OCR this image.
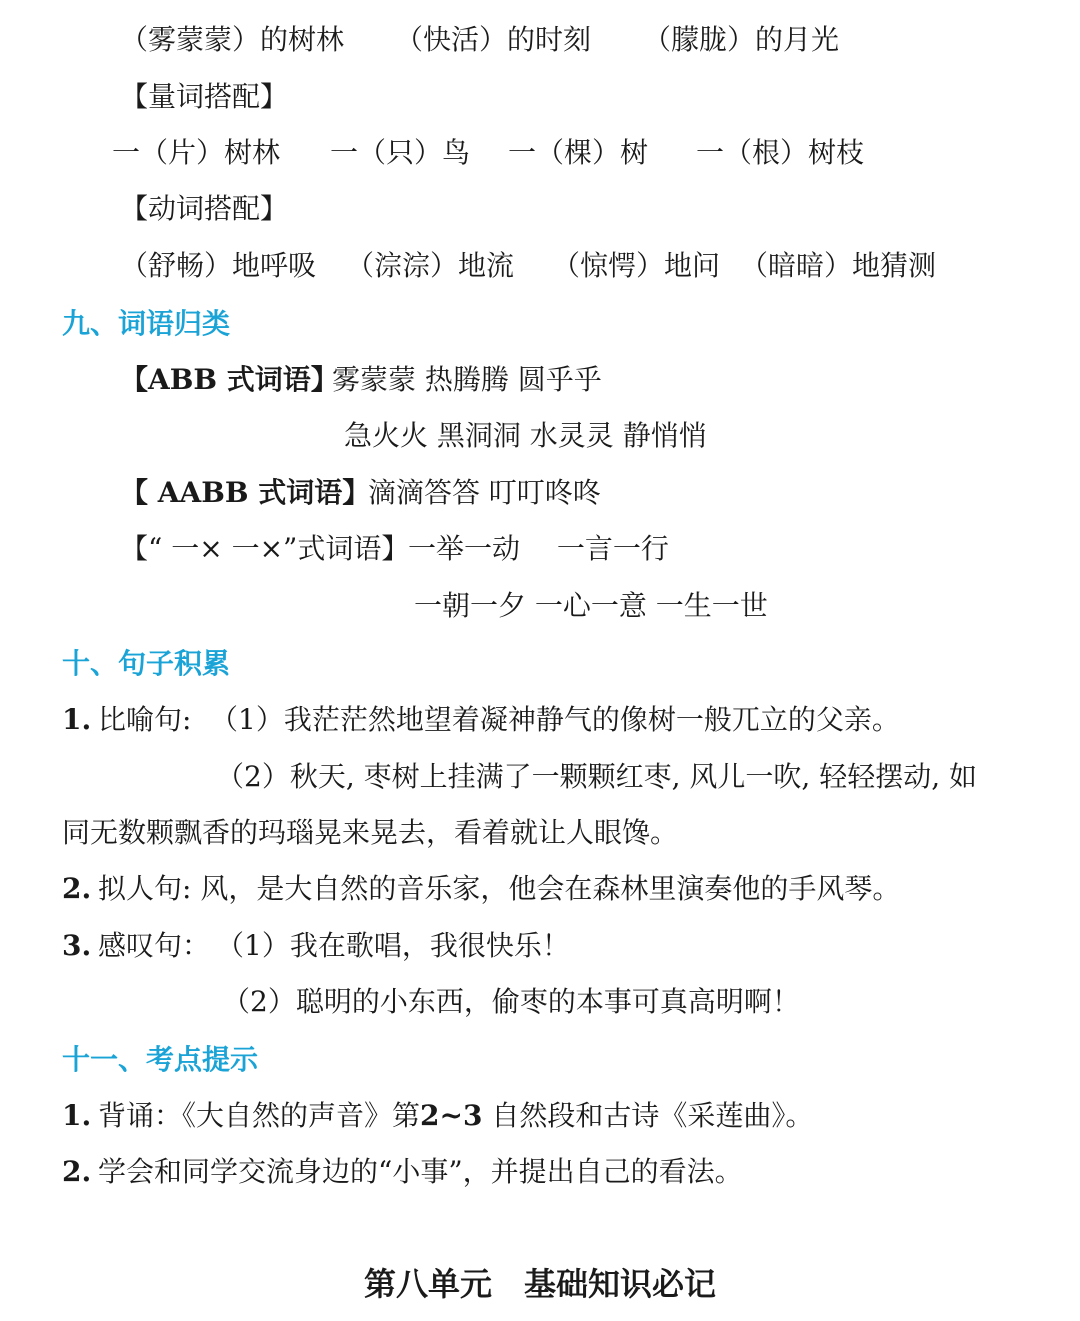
（雾蒙蒙）的树林 （快活）的时刻 （朦胧）的月光
【量词搭配】
一（片）树林 一（只）鸟 一（棵）树 一（根）树枝
【动词搭配】
（舒畅）地呼吸 （淙淙）地流 （惊愕）地问 （暗暗）地猜测
九、词语归类
【ABB 式词语】
雾蒙蒙 热腾腾 圆乎乎
急火火 黑洞洞 水灵灵 静悄悄
【 AABB 式词语】
滴滴答答 叮叮咚咚
【“ 一× 一×”式词语】
一举一动　 一言一行
一朝一夕 一心一意 一生一世
十、句子积累
1. 比喻句: （1）我茫茫然地望着凝神静气的像树一般兀立的父亲。
（2）秋天, 枣树上挂满了一颗颗红枣, 风儿一吹, 轻轻摆动, 如
同无数颗飘香的玛瑙晃来晃去，看着就让人眼馋。
2. 拟人句: 风，是大自然的音乐家，他会在森林里演奏他的手风琴。
3. 感叹句： （1）我在歌唱，我很快乐！
（2）聪明的小东西，偷枣的本事可真高明啊！
十一、考点提示
1. 背诵：《大自然的声音》第2~3 自然段和古诗《采莲曲》。
2. 学会和同学交流身边的“小事”，并提出自己的看法。
第八单元　基础知识必记
